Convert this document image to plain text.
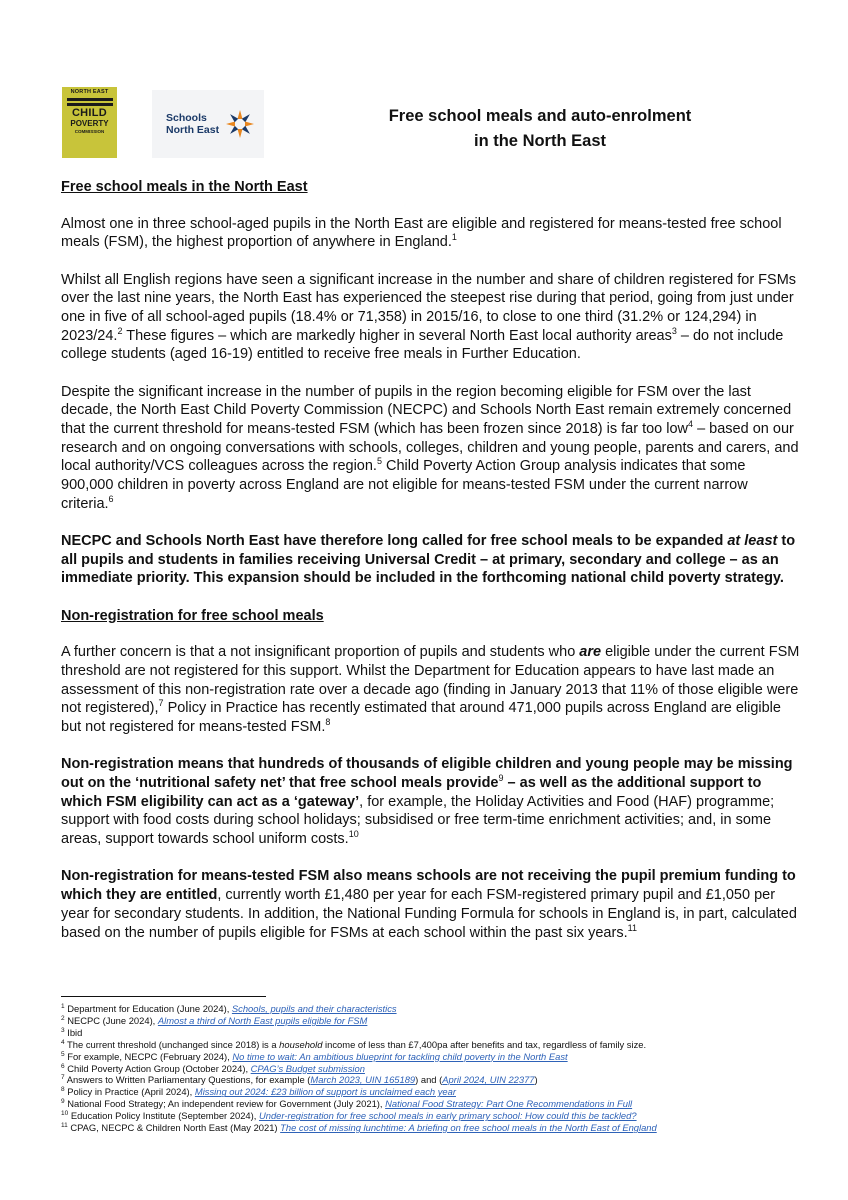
NORTH EAST
CHILD
POVERTY
COMMISSION
Schools
North East
Free school meals and auto-enrolment
in the North East

Free school meals in the North East

Almost one in three school-aged pupils in the North East are eligible and registered for means-tested free school meals (FSM), the highest proportion of anywhere in England.$^1$

Whilst all English regions have seen a significant increase in the number and share of children registered for FSMs over the last nine years, the North East has experienced the steepest rise during that period, going from just under one in five of all school-aged pupils (18.4% or 71,358) in 2015/16, to close to one third (31.2% or 124,294) in 2023/24.$^2$ These figures – which are markedly higher in several North East local authority areas$^3$ – do not include college students (aged 16-19) entitled to receive free meals in Further Education.

Despite the significant increase in the number of pupils in the region becoming eligible for FSM over the last decade, the North East Child Poverty Commission (NECPC) and Schools North East remain extremely concerned that the current threshold for means-tested FSM (which has been frozen since 2018) is far too low$^4$ – based on our research and on ongoing conversations with schools, colleges, children and young people, parents and carers, and local authority/VCS colleagues across the region.$^5$ Child Poverty Action Group analysis indicates that some 900,000 children in poverty across England are not eligible for means-tested FSM under the current narrow criteria.$^6$

NECPC and Schools North East have therefore long called for free school meals to be expanded at least to all pupils and students in families receiving Universal Credit – at primary, secondary and college – as an immediate priority. This expansion should be included in the forthcoming national child poverty strategy.

Non-registration for free school meals

A further concern is that a not insignificant proportion of pupils and students who are eligible under the current FSM threshold are not registered for this support. Whilst the Department for Education appears to have last made an assessment of this non-registration rate over a decade ago (finding in January 2013 that 11% of those eligible were not registered),$^7$ Policy in Practice has recently estimated that around 471,000 pupils across England are eligible but not registered for means-tested FSM.$^8$

Non-registration means that hundreds of thousands of eligible children and young people may be missing out on the ‘nutritional safety net’ that free school meals provide$^9$ – as well as the additional support to which FSM eligibility can act as a ‘gateway’, for example, the Holiday Activities and Food (HAF) programme; support with food costs during school holidays; subsidised or free term-time enrichment activities; and, in some areas, support towards school uniform costs.$^{10}$

Non-registration for means-tested FSM also means schools are not receiving the pupil premium funding to which they are entitled, currently worth £1,480 per year for each FSM-registered primary pupil and £1,050 per year for secondary students. In addition, the National Funding Formula for schools in England is, in part, calculated based on the number of pupils eligible for FSMs at each school within the past six years.$^{11}$

$^1$ Department for Education (June 2024), Schools, pupils and their characteristics
$^2$ NECPC (June 2024), Almost a third of North East pupils eligible for FSM
$^3$ Ibid
$^4$ The current threshold (unchanged since 2018) is a household income of less than £7,400pa after benefits and tax, regardless of family size.
$^5$ For example, NECPC (February 2024), No time to wait: An ambitious blueprint for tackling child poverty in the North East
$^6$ Child Poverty Action Group (October 2024), CPAG’s Budget submission
$^7$ Answers to Written Parliamentary Questions, for example (March 2023, UIN 165189) and (April 2024, UIN 22377)
$^8$ Policy in Practice (April 2024), Missing out 2024: £23 billion of support is unclaimed each year
$^9$ National Food Strategy; An independent review for Government (July 2021), National Food Strategy: Part One Recommendations in Full
$^{10}$ Education Policy Institute (September 2024), Under-registration for free school meals in early primary school: How could this be tackled?
$^{11}$ CPAG, NECPC & Children North East (May 2021) The cost of missing lunchtime: A briefing on free school meals in the North East of England
